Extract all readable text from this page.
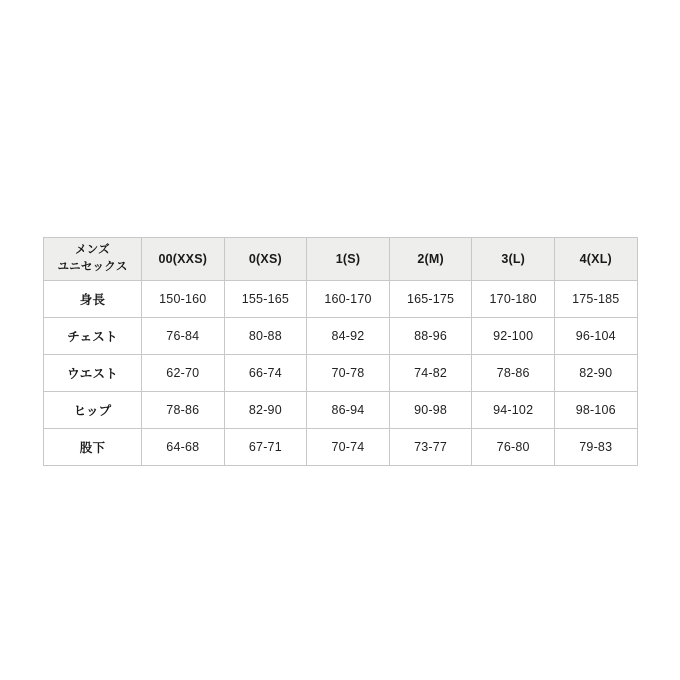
メンズ
ユニセックス	00(XXS)	0(XS)	1(S)	2(M)	3(L)	4(XL)
身長	150-160	155-165	160-170	165-175	170-180	175-185
チェスト	76-84	80-88	84-92	88-96	92-100	96-104
ウエスト	62-70	66-74	70-78	74-82	78-86	82-90
ヒップ	78-86	82-90	86-94	90-98	94-102	98-106
股下	64-68	67-71	70-74	73-77	76-80	79-83
